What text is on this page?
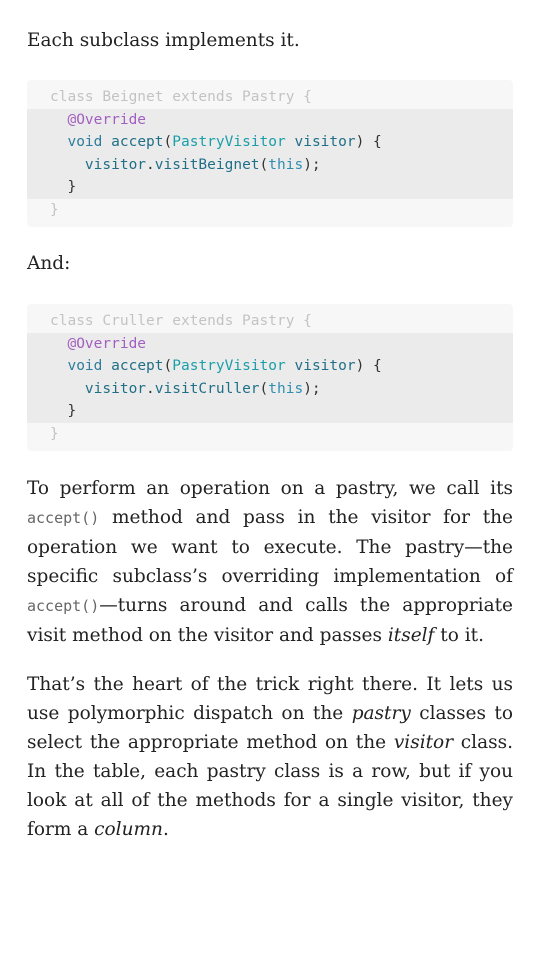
Each subclass implements it.

class Beignet extends Pastry {
@Override
void accept(PastryVisitor visitor) {
visitor.visitBeignet(this);
}
}

And:

class Cruller extends Pastry {
@Override
void accept(PastryVisitor visitor) {
visitor.visitCruller(this);
}
}

To perform an operation on a pastry, we call its accept() method and pass in the visitor for the operation we want to execute. The pastry—the specific subclass’s overriding implementation of accept()—turns around and calls the appropriate visit method on the visitor and passes itself to it.

That’s the heart of the trick right there. It lets us use polymorphic dispatch on the pastry classes to select the appropriate method on the visitor class. In the table, each pastry class is a row, but if you look at all of the methods for a single visitor, they form a column.
